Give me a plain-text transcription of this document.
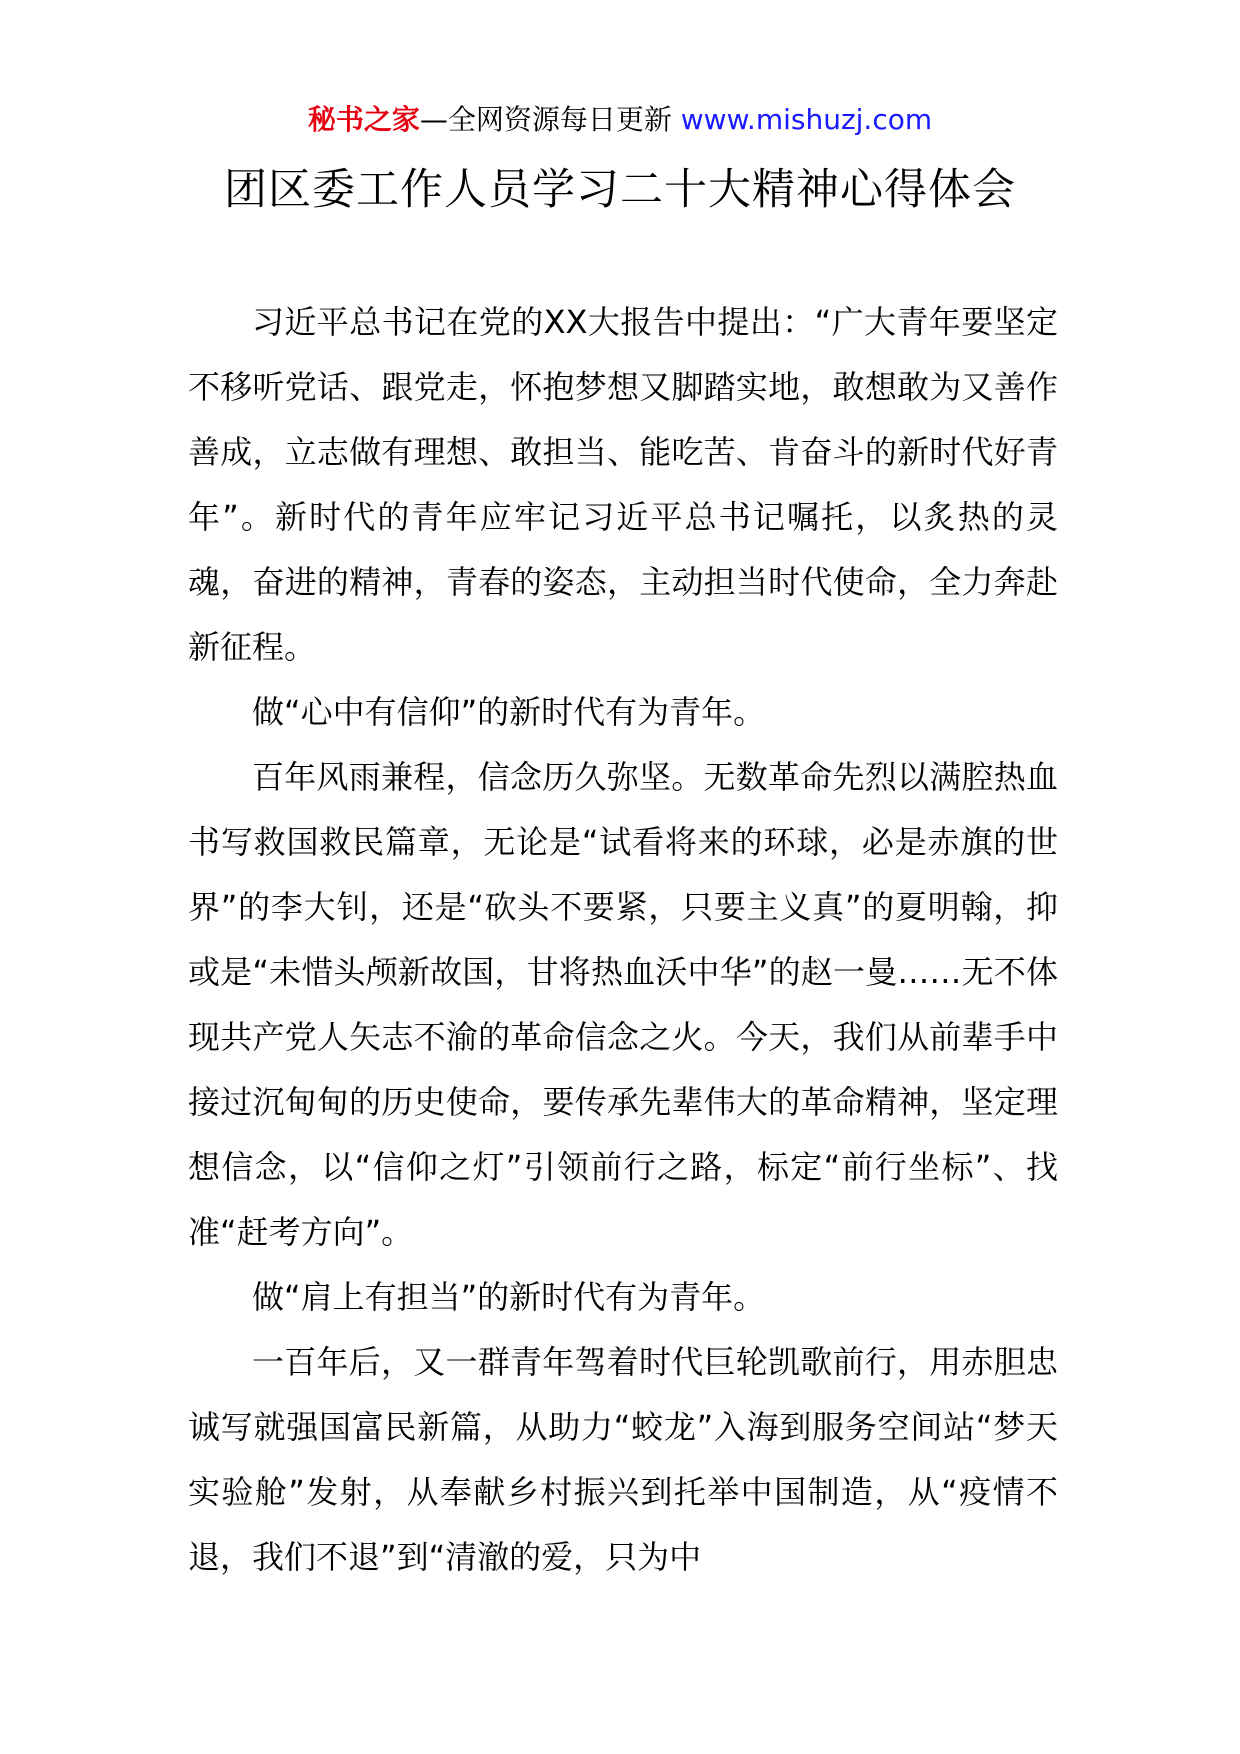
秘书之家—全网资源每日更新 www.mishuzj.com
团区委工作人员学习二十大精神心得体会

习近平总书记在党的XX大报告中提出：“广大青年要坚定不移听党话、跟党走，怀抱梦想又脚踏实地，敢想敢为又善作善成，立志做有理想、敢担当、能吃苦、肯奋斗的新时代好青年”。新时代的青年应牢记习近平总书记嘱托，以炙热的灵魂，奋进的精神，青春的姿态，主动担当时代使命，全力奔赴新征程。

做“心中有信仰”的新时代有为青年。

百年风雨兼程，信念历久弥坚。无数革命先烈以满腔热血书写救国救民篇章，无论是“试看将来的环球，必是赤旗的世界”的李大钊，还是“砍头不要紧，只要主义真”的夏明翰，抑或是“未惜头颅新故国，甘将热血沃中华”的赵一曼……无不体现共产党人矢志不渝的革命信念之火。今天，我们从前辈手中接过沉甸甸的历史使命，要传承先辈伟大的革命精神，坚定理想信念，以“信仰之灯”引领前行之路，标定“前行坐标”、找准“赶考方向”。

做“肩上有担当”的新时代有为青年。

一百年后，又一群青年驾着时代巨轮凯歌前行，用赤胆忠诚写就强国富民新篇，从助力“蛟龙”入海到服务空间站“梦天实验舱”发射，从奉献乡村振兴到托举中国制造，从“疫情不退，我们不退”到“清澈的爱，只为中
